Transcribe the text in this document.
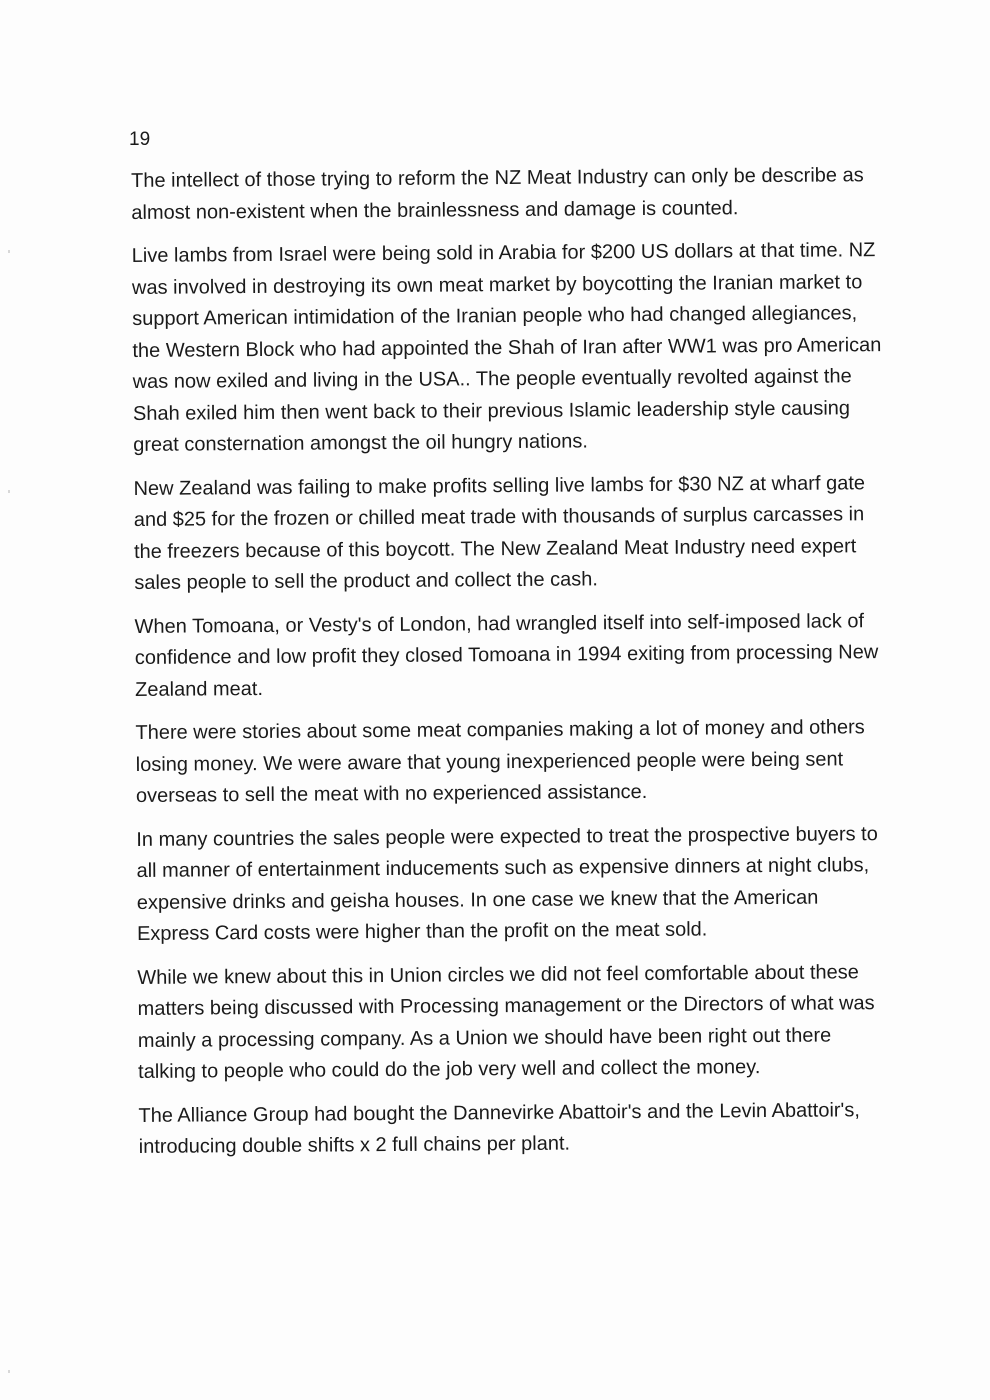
19

The intellect of those trying to reform the NZ Meat Industry can only be describe as almost non-existent when the brainlessness and damage is counted.

Live lambs from Israel were being sold in Arabia for $200 US dollars at that time. NZ was involved in destroying its own meat market by boycotting the Iranian market to support American intimidation of the Iranian people who had changed allegiances, the Western Block who had appointed the Shah of Iran after WW1 was pro American was now exiled and living in the USA.. The people eventually revolted against the Shah exiled him then went back to their previous Islamic leadership style causing great consternation amongst the oil hungry nations.

New Zealand was failing to make profits selling live lambs for $30 NZ at wharf gate and $25 for the frozen or chilled meat trade with thousands of surplus carcasses in the freezers because of this boycott. The New Zealand Meat Industry need expert sales people to sell the product and collect the cash.

When Tomoana, or Vesty's of London, had wrangled itself into self-imposed lack of confidence and low profit they closed Tomoana in 1994 exiting from processing New Zealand meat.

There were stories about some meat companies making a lot of money and others losing money. We were aware that young inexperienced people were being sent overseas to sell the meat with no experienced assistance.

In many countries the sales people were expected to treat the prospective buyers to all manner of entertainment inducements such as expensive dinners at night clubs, expensive drinks and geisha houses. In one case we knew that the American Express Card costs were higher than the profit on the meat sold.

While we knew about this in Union circles we did not feel comfortable about these matters being discussed with Processing management or the Directors of what was mainly a processing company. As a Union we should have been right out there talking to people who could do the job very well and collect the money.

The Alliance Group had bought the Dannevirke Abattoir's and the Levin Abattoir's, introducing double shifts x 2 full chains per plant.
